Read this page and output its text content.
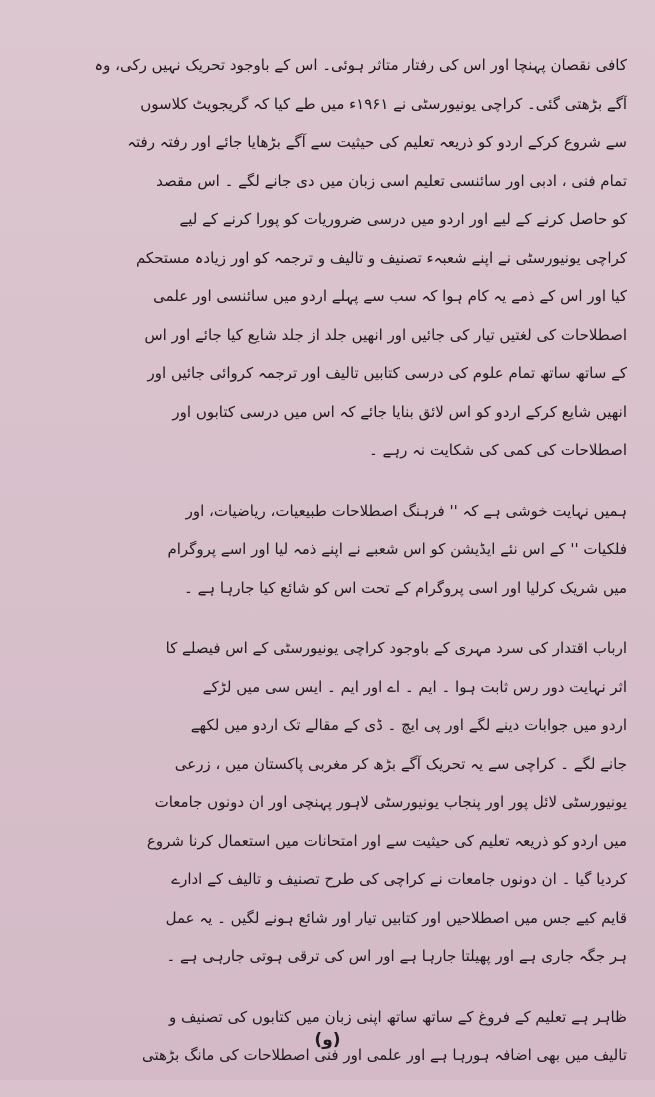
کافی نقصان پہنچا اور اس کی رفتار متاثر ہوئی۔ اس کے باوجود تحریک نہیں رکی، وہ
آگے بڑھتی گئی۔ کراچی یونیورسٹی نے ۱۹۶۱ء میں طے کیا کہ گریجویٹ کلاسوں
سے شروع کرکے اردو کو ذریعہ تعلیم کی حیثیت سے آگے بڑھایا جائے اور رفتہ رفتہ
تمام فنی ، ادبی اور سائنسی تعلیم اسی زبان میں دی جانے لگے ۔ اس مقصد
کو حاصل کرنے کے لیے اور اردو میں درسی ضروریات کو پورا کرنے کے لیے
کراچی یونیورسٹی نے اپنے شعبہء تصنیف و تالیف و ترجمہ کو اور زیادہ مستحکم
کیا اور اس کے ذمے یہ کام ہوا کہ سب سے پہلے اردو میں سائنسی اور علمی
اصطلاحات کی لغتیں تیار کی جائیں اور انھیں جلد از جلد شایع کیا جائے اور اس
کے ساتھ ساتھ تمام علوم کی درسی کتابیں تالیف اور ترجمہ کروائی جائیں اور
انھیں شایع کرکے اردو کو اس لائق بنایا جائے کہ اس میں درسی کتابوں اور
اصطلاحات کی کمی کی شکایت نہ رہے ۔
ہمیں نہایت خوشی ہے کہ '' فرہنگ اصطلاحات طبیعیات، ریاضیات، اور
فلکیات '' کے اس نئے ایڈیشن کو اس شعبے نے اپنے ذمہ لیا اور اسے پروگرام
میں شریک کرلیا اور اسی پروگرام کے تحت اس کو شائع کیا جارہا ہے ۔
ارباب اقتدار کی سرد مہری کے باوجود کراچی یونیورسٹی کے اس فیصلے کا
اثر نہایت دور رس ثابت ہوا ۔ ایم ۔ اے اور ایم ۔ ایس سی میں لڑکے
اردو میں جوابات دینے لگے اور پی ایچ ۔ ڈی کے مقالے تک اردو میں لکھے
جانے لگے ۔ کراچی سے یہ تحریک آگے بڑھ کر مغربی پاکستان میں ، زرعی
یونیورسٹی لائل پور اور پنجاب یونیورسٹی لاہور پہنچی اور ان دونوں جامعات
میں اردو کو ذریعہ تعلیم کی حیثیت سے اور امتحانات میں استعمال کرنا شروع
کردیا گیا ۔ ان دونوں جامعات نے کراچی کی طرح تصنیف و تالیف کے ادارے
قایم کیے جس میں اصطلاحیں اور کتابیں تیار اور شائع ہونے لگیں ۔ یہ عمل
ہر جگہ جاری ہے اور پھیلتا جارہا ہے اور اس کی ترقی ہوتی جارہی ہے ۔
ظاہر ہے تعلیم کے فروغ کے ساتھ ساتھ اپنی زبان میں کتابوں کی تصنیف و
تالیف میں بھی اضافہ ہورہا ہے اور علمی اور فنی اصطلاحات کی مانگ بڑھتی
(و)
